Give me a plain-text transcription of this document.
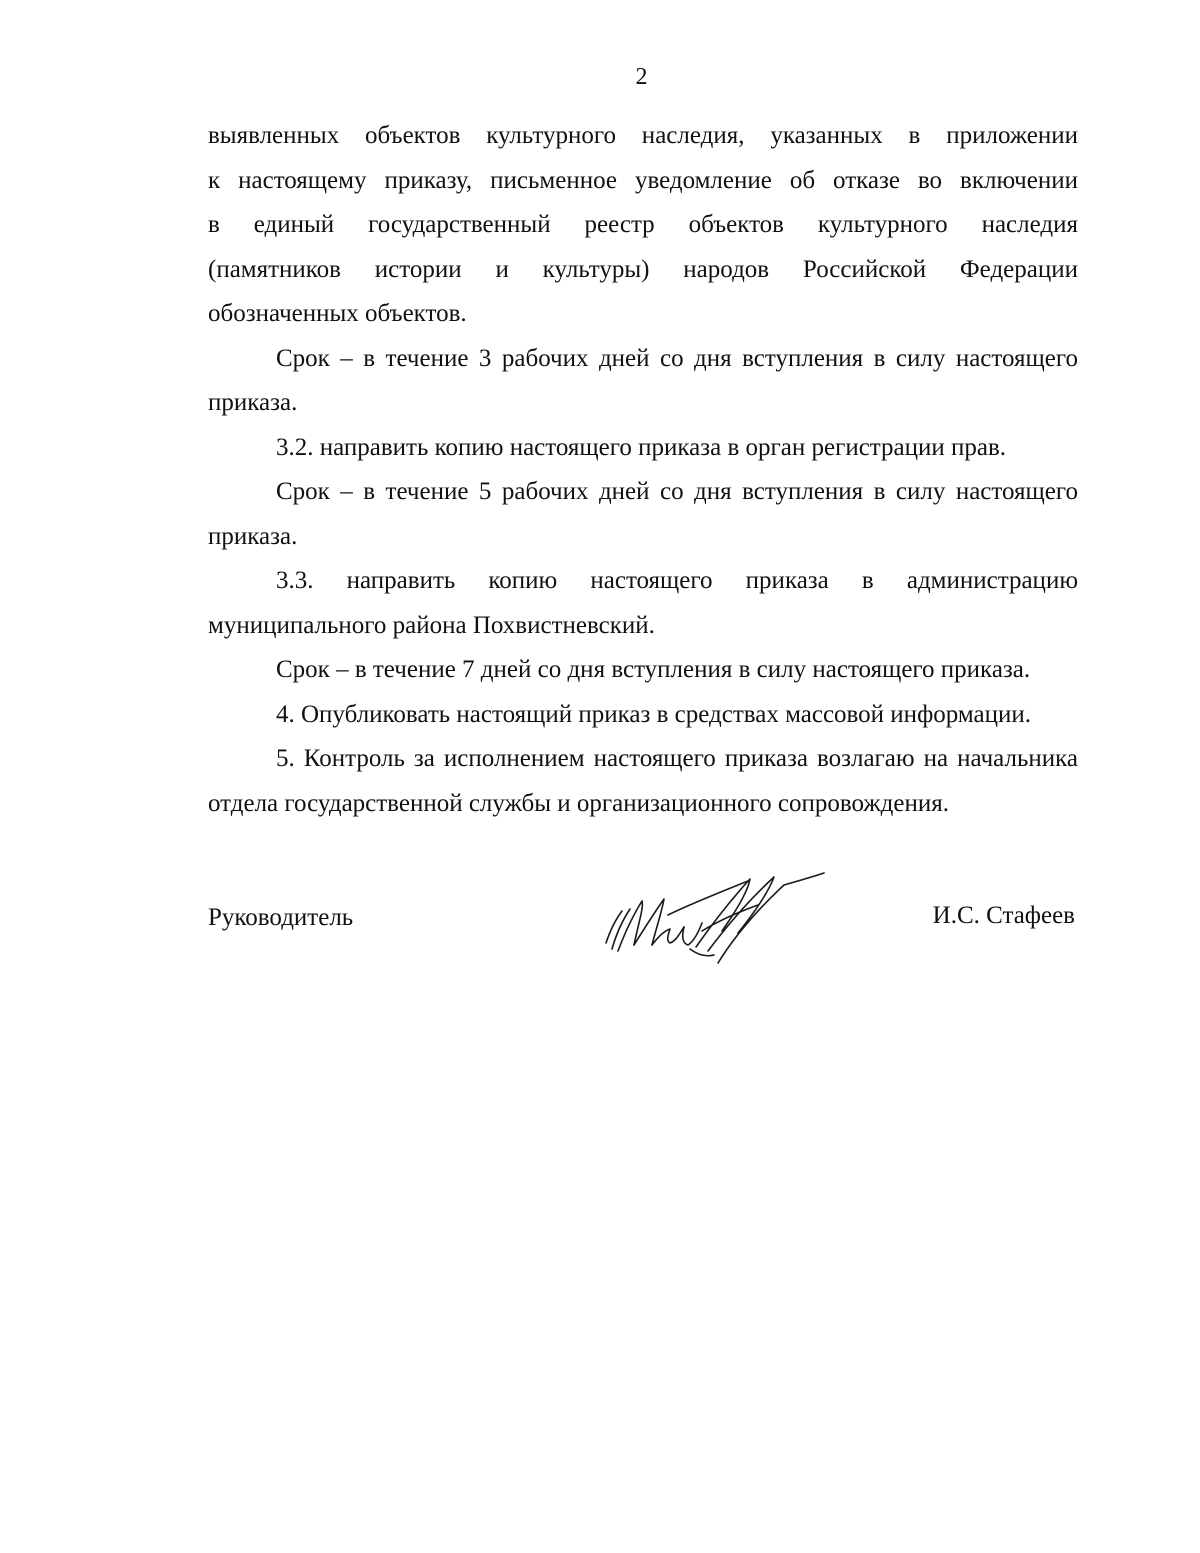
2
выявленных объектов культурного наследия, указанных в приложении
к настоящему приказу, письменное уведомление об отказе во включении
в единый государственный реестр объектов культурного наследия
(памятников истории и культуры) народов Российской Федерации
обозначенных объектов.

Срок – в течение 3 рабочих дней со дня вступления в силу настоящего приказа.

3.2. направить копию настоящего приказа в орган регистрации прав.

Срок – в течение 5 рабочих дней со дня вступления в силу настоящего приказа.

3.3. направить копию настоящего приказа в администрацию муниципального района Похвистневский.

Срок – в течение 7 дней со дня вступления в силу настоящего приказа.

4. Опубликовать настоящий приказ в средствах массовой информации.

5. Контроль за исполнением настоящего приказа возлагаю на начальника отдела государственной службы и организационного сопровождения.

Руководитель	И.С. Стафеев
